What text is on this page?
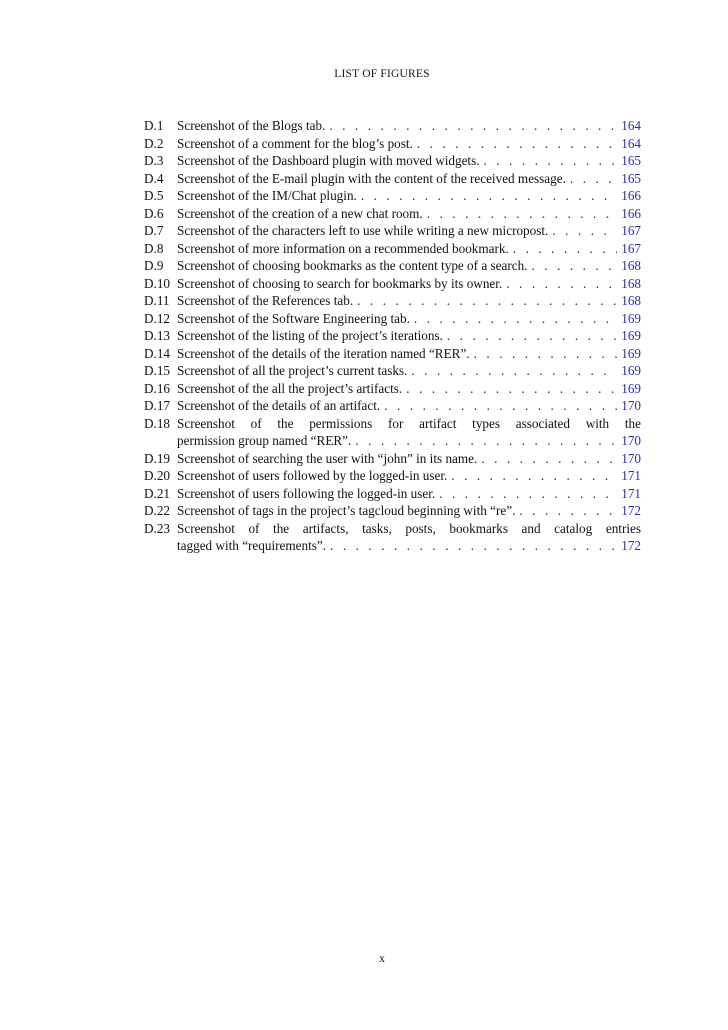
LIST OF FIGURES
D.1	Screenshot of the Blogs tab. . . .	164
D.2	Screenshot of a comment for the blog’s post. . . .	164
D.3	Screenshot of the Dashboard plugin with moved widgets. . . .	165
D.4	Screenshot of the E-mail plugin with the content of the received message. . . .	165
D.5	Screenshot of the IM/Chat plugin. . . .	166
D.6	Screenshot of the creation of a new chat room. . . .	166
D.7	Screenshot of the characters left to use while writing a new micropost. . . .	167
D.8	Screenshot of more information on a recommended bookmark. . . .	167
D.9	Screenshot of choosing bookmarks as the content type of a search. . . .	168
D.10 Screenshot of choosing to search for bookmarks by its owner. . . .	168
D.11 Screenshot of the References tab. . . .	168
D.12 Screenshot of the Software Engineering tab. . . .	169
D.13 Screenshot of the listing of the project’s iterations. . . .	169
D.14 Screenshot of the details of the iteration named “RER”. . . .	169
D.15 Screenshot of all the project’s current tasks. . . .	169
D.16 Screenshot of the all the project’s artifacts. . . .	169
D.17 Screenshot of the details of an artifact. . . .	170
D.18 Screenshot of the permissions for artifact types associated with the
permission group named “RER”. . . .	170
D.19 Screenshot of searching the user with “john” in its name. . . .	170
D.20 Screenshot of users followed by the logged-in user. . . .	171
D.21 Screenshot of users following the logged-in user. . . .	171
D.22 Screenshot of tags in the project’s tagcloud beginning with “re”. . . .	172
D.23 Screenshot of the artifacts, tasks, posts, bookmarks and catalog entries
tagged with “requirements”. . . .	172
x
